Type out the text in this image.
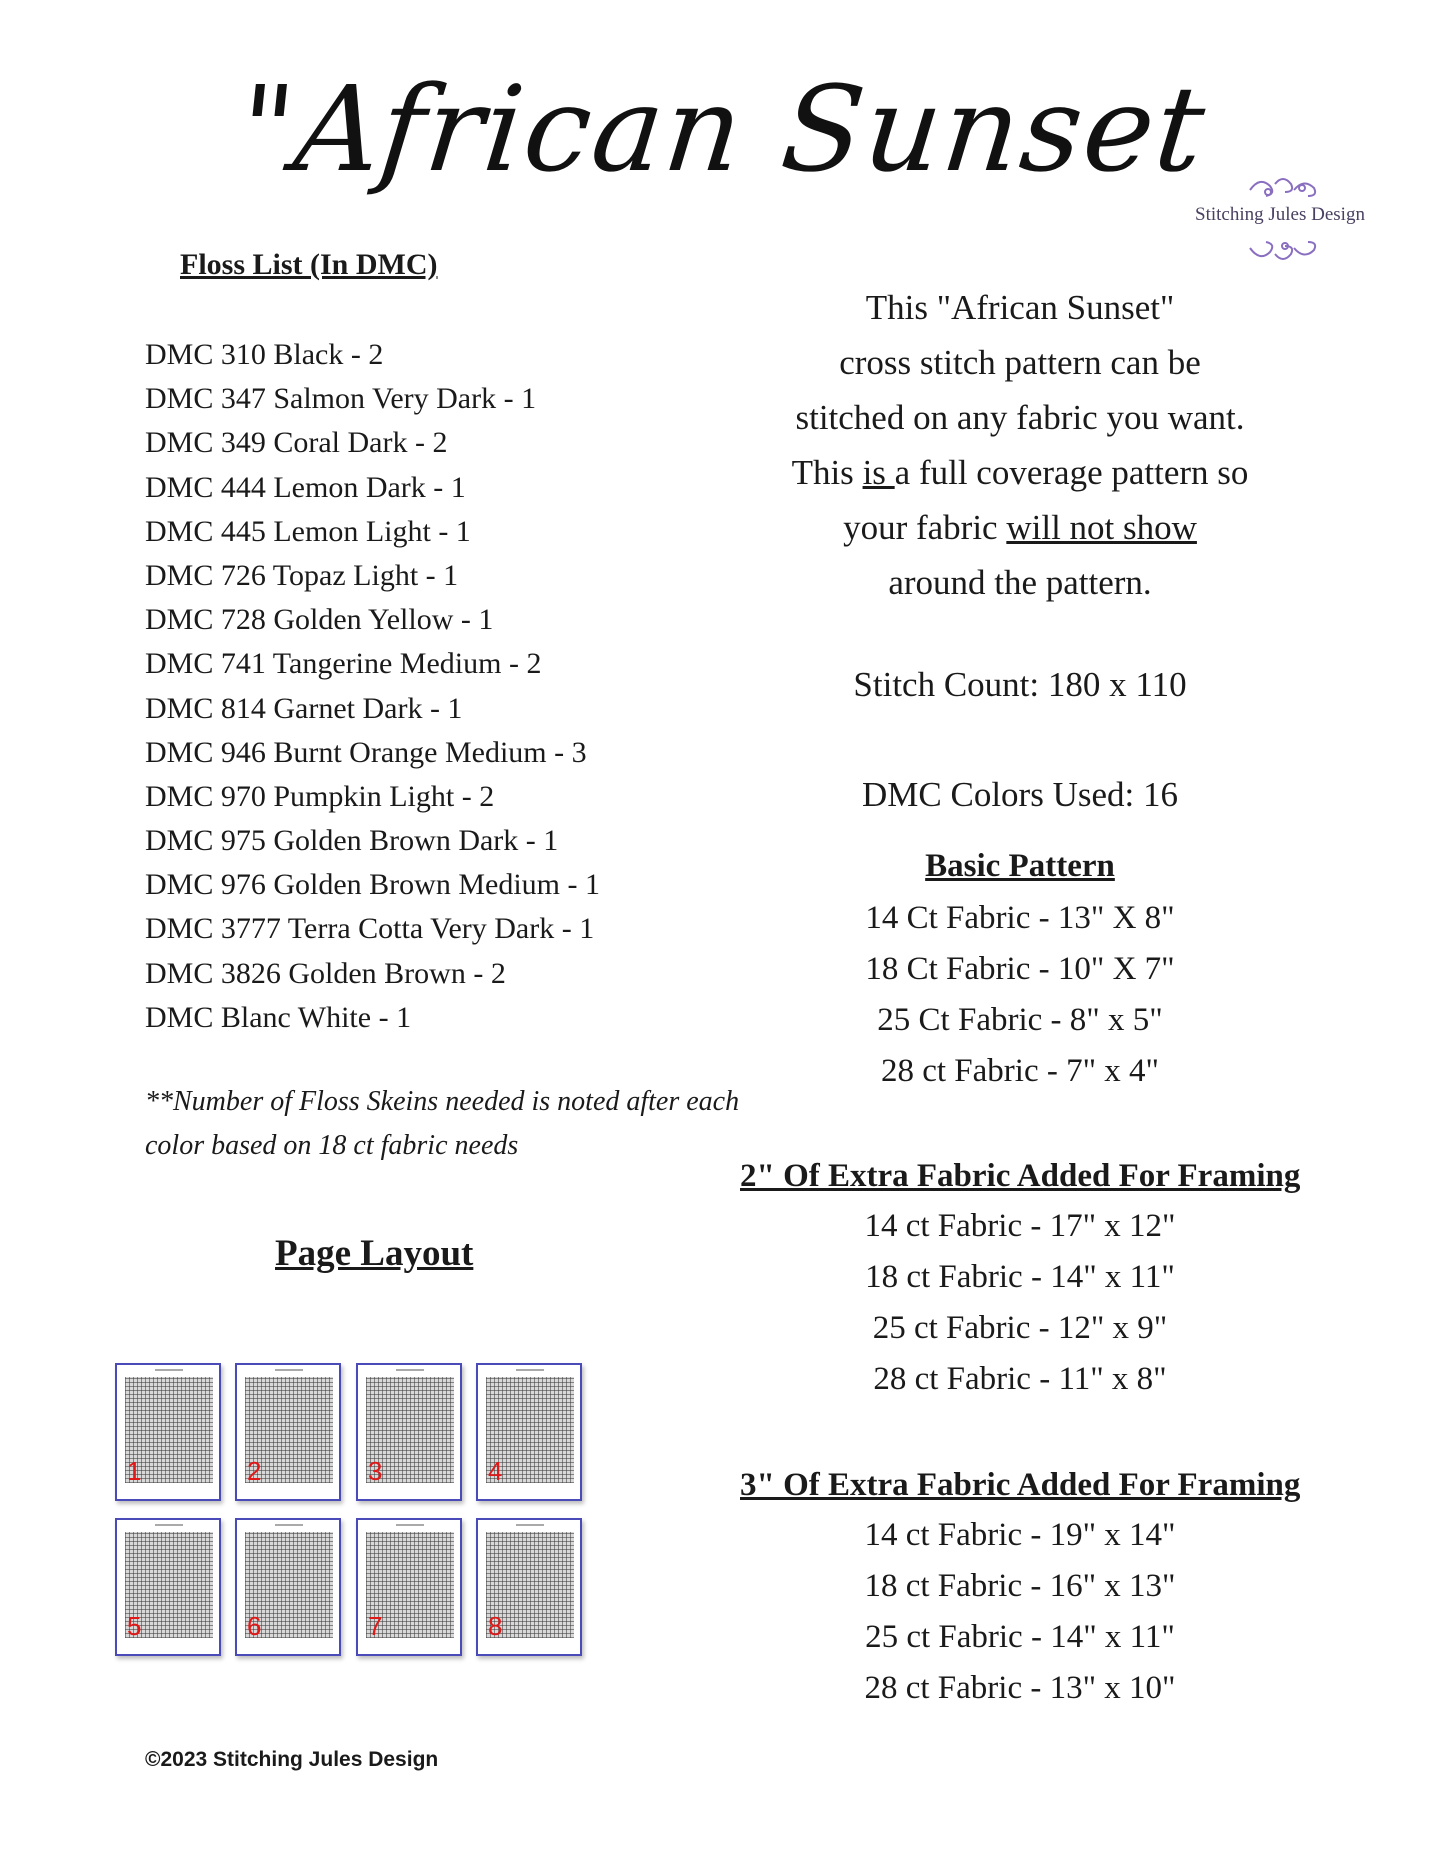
"African Sunset
Stitching Jules Design
Floss List (In DMC)
DMC 310 Black - 2
DMC 347 Salmon Very Dark - 1
DMC 349 Coral Dark - 2
DMC 444 Lemon Dark - 1
DMC 445 Lemon Light - 1
DMC 726 Topaz Light - 1
DMC 728 Golden Yellow - 1
DMC 741 Tangerine Medium - 2
DMC 814 Garnet Dark - 1
DMC 946 Burnt Orange Medium - 3
DMC 970 Pumpkin Light - 2
DMC 975 Golden Brown Dark - 1
DMC 976 Golden Brown Medium - 1
DMC 3777 Terra Cotta Very Dark - 1
DMC 3826 Golden Brown - 2
DMC Blanc White - 1
**Number of Floss Skeins needed is noted after each color based on 18 ct fabric needs
Page Layout
1	2	3	4
5	6	7	8
This "African Sunset"
cross stitch pattern can be
stitched on any fabric you want.
This is a full coverage pattern so
your fabric will not show
around the pattern.
Stitch Count: 180 x 110
DMC Colors Used: 16
Basic Pattern
14 Ct Fabric - 13" X 8"
18 Ct Fabric - 10" X 7"
25 Ct Fabric - 8" x 5"
28 ct Fabric - 7" x 4"
2" Of Extra Fabric Added For Framing
14 ct Fabric - 17" x 12"
18 ct Fabric - 14" x 11"
25 ct Fabric - 12" x 9"
28 ct Fabric - 11" x 8"
3" Of Extra Fabric Added For Framing
14 ct Fabric - 19" x 14"
18 ct Fabric - 16" x 13"
25 ct Fabric - 14" x 11"
28 ct Fabric - 13" x 10"
©2023 Stitching Jules Design
